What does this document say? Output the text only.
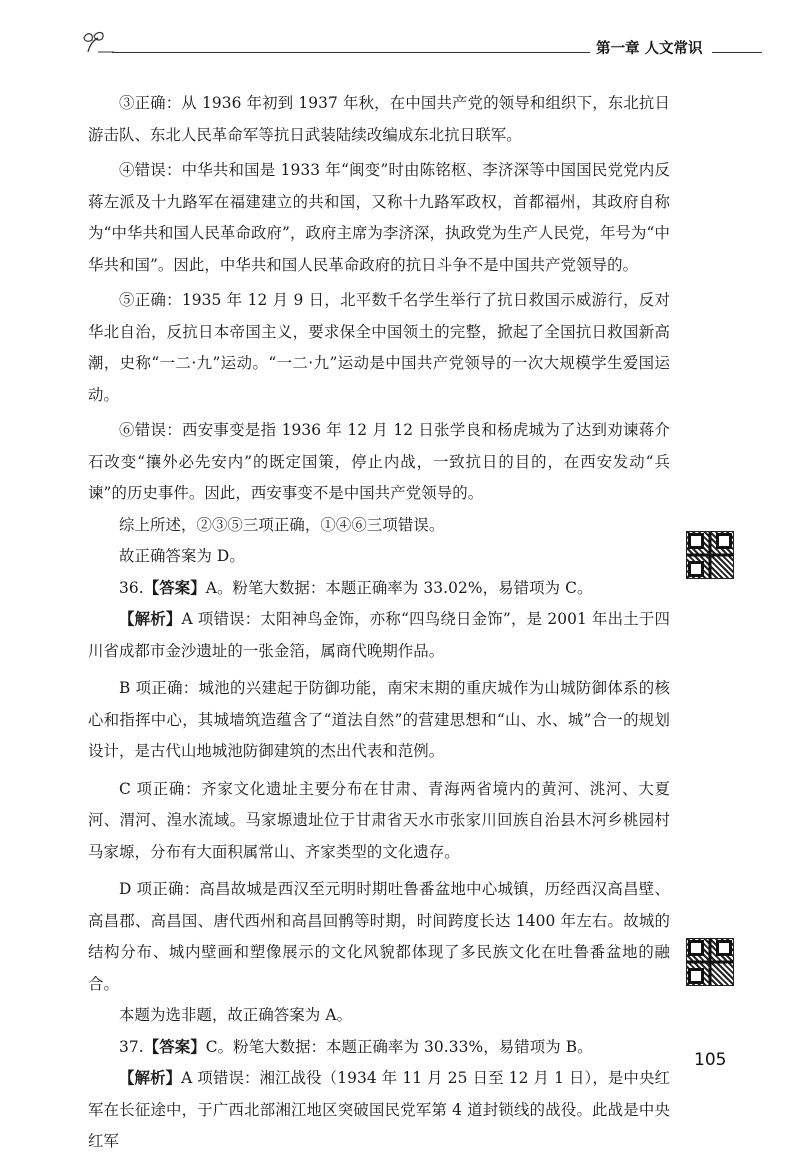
第一章 人文常识

③正确：从 1936 年初到 1937 年秋，在中国共产党的领导和组织下，东北抗日游击队、东北人民革命军等抗日武装陆续改编成东北抗日联军。

④错误：中华共和国是 1933 年“闽变”时由陈铭枢、李济深等中国国民党党内反蒋左派及十九路军在福建建立的共和国，又称十九路军政权，首都福州，其政府自称为“中华共和国人民革命政府”，政府主席为李济深，执政党为生产人民党，年号为“中华共和国”。因此，中华共和国人民革命政府的抗日斗争不是中国共产党领导的。

⑤正确：1935 年 12 月 9 日，北平数千名学生举行了抗日救国示威游行，反对华北自治，反抗日本帝国主义，要求保全中国领土的完整，掀起了全国抗日救国新高潮，史称“一二·九”运动。“一二·九”运动是中国共产党领导的一次大规模学生爱国运动。

⑥错误：西安事变是指 1936 年 12 月 12 日张学良和杨虎城为了达到劝谏蒋介石改变“攘外必先安内”的既定国策，停止内战，一致抗日的目的，在西安发动“兵谏”的历史事件。因此，西安事变不是中国共产党领导的。

综上所述，②③⑤三项正确，①④⑥三项错误。

故正确答案为 D。

36.【答案】A。粉笔大数据：本题正确率为 33.02%，易错项为 C。

【解析】A 项错误：太阳神鸟金饰，亦称“四鸟绕日金饰”，是 2001 年出土于四川省成都市金沙遗址的一张金箔，属商代晚期作品。

B 项正确：城池的兴建起于防御功能，南宋末期的重庆城作为山城防御体系的核心和指挥中心，其城墙筑造蕴含了“道法自然”的营建思想和“山、水、城”合一的规划设计，是古代山地城池防御建筑的杰出代表和范例。

C 项正确：齐家文化遗址主要分布在甘肃、青海两省境内的黄河、洮河、大夏河、渭河、湟水流域。马家塬遗址位于甘肃省天水市张家川回族自治县木河乡桃园村马家塬，分布有大面积属常山、齐家类型的文化遗存。

D 项正确：高昌故城是西汉至元明时期吐鲁番盆地中心城镇，历经西汉高昌壁、高昌郡、高昌国、唐代西州和高昌回鹘等时期，时间跨度长达 1400 年左右。故城的结构分布、城内壁画和塑像展示的文化风貌都体现了多民族文化在吐鲁番盆地的融合。

本题为选非题，故正确答案为 A。

37.【答案】C。粉笔大数据：本题正确率为 30.33%，易错项为 B。

【解析】A 项错误：湘江战役（1934 年 11 月 25 日至 12 月 1 日），是中央红军在长征途中，于广西北部湘江地区突破国民党军第 4 道封锁线的战役。此战是中央红军

105
